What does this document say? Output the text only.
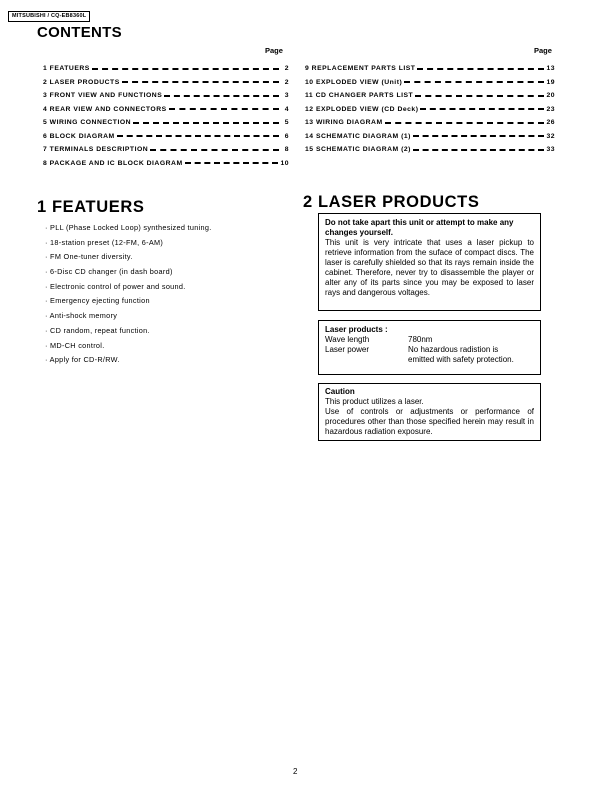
MITSUBISHI / CQ-EB8360L
CONTENTS
Page	Page
1 FEATUERS	2
2 LASER PRODUCTS	2
3 FRONT VIEW AND FUNCTIONS	3
4 REAR VIEW AND CONNECTORS	4
5 WIRING CONNECTION	5
6 BLOCK DIAGRAM	6
7 TERMINALS DESCRIPTION	8
8 PACKAGE AND IC BLOCK DIAGRAM	10
9 REPLACEMENT PARTS LIST	13
10 EXPLODED VIEW (Unit)	19
11 CD CHANGER PARTS LIST	20
12 EXPLODED VIEW (CD Deck)	23
13 WIRING DIAGRAM	26
14 SCHEMATIC DIAGRAM (1)	32
15 SCHEMATIC DIAGRAM (2)	33
1 FEATUERS
· PLL (Phase Locked Loop) synthesized tuning.
· 18-station preset (12-FM, 6-AM)
· FM One-tuner diversity.
· 6-Disc CD changer (in dash board)
· Electronic control of power and sound.
· Emergency ejecting function
· Anti-shock memory
· CD random, repeat function.
· MD-CH control.
· Apply for CD-R/RW.
2 LASER PRODUCTS
Do not take apart this unit or attempt to make any changes yourself.

This unit is very intricate that uses a laser pickup to retrieve information from the suface of compact discs. The laser is carefully shielded so that its rays remain inside the cabinet. Therefore, never try to disassemble the player or alter any of its parts since you may be exposed to laser rays and dangerous voltages.

Laser products :
Wave length	780nm
Laser power	No hazardous radistion is
emitted with safety protection.
Caution
This product utilizes a laser.

Use of controls or adjustments or performance of procedures other than those specified herein may result in hazardous radiation exposure.

2
